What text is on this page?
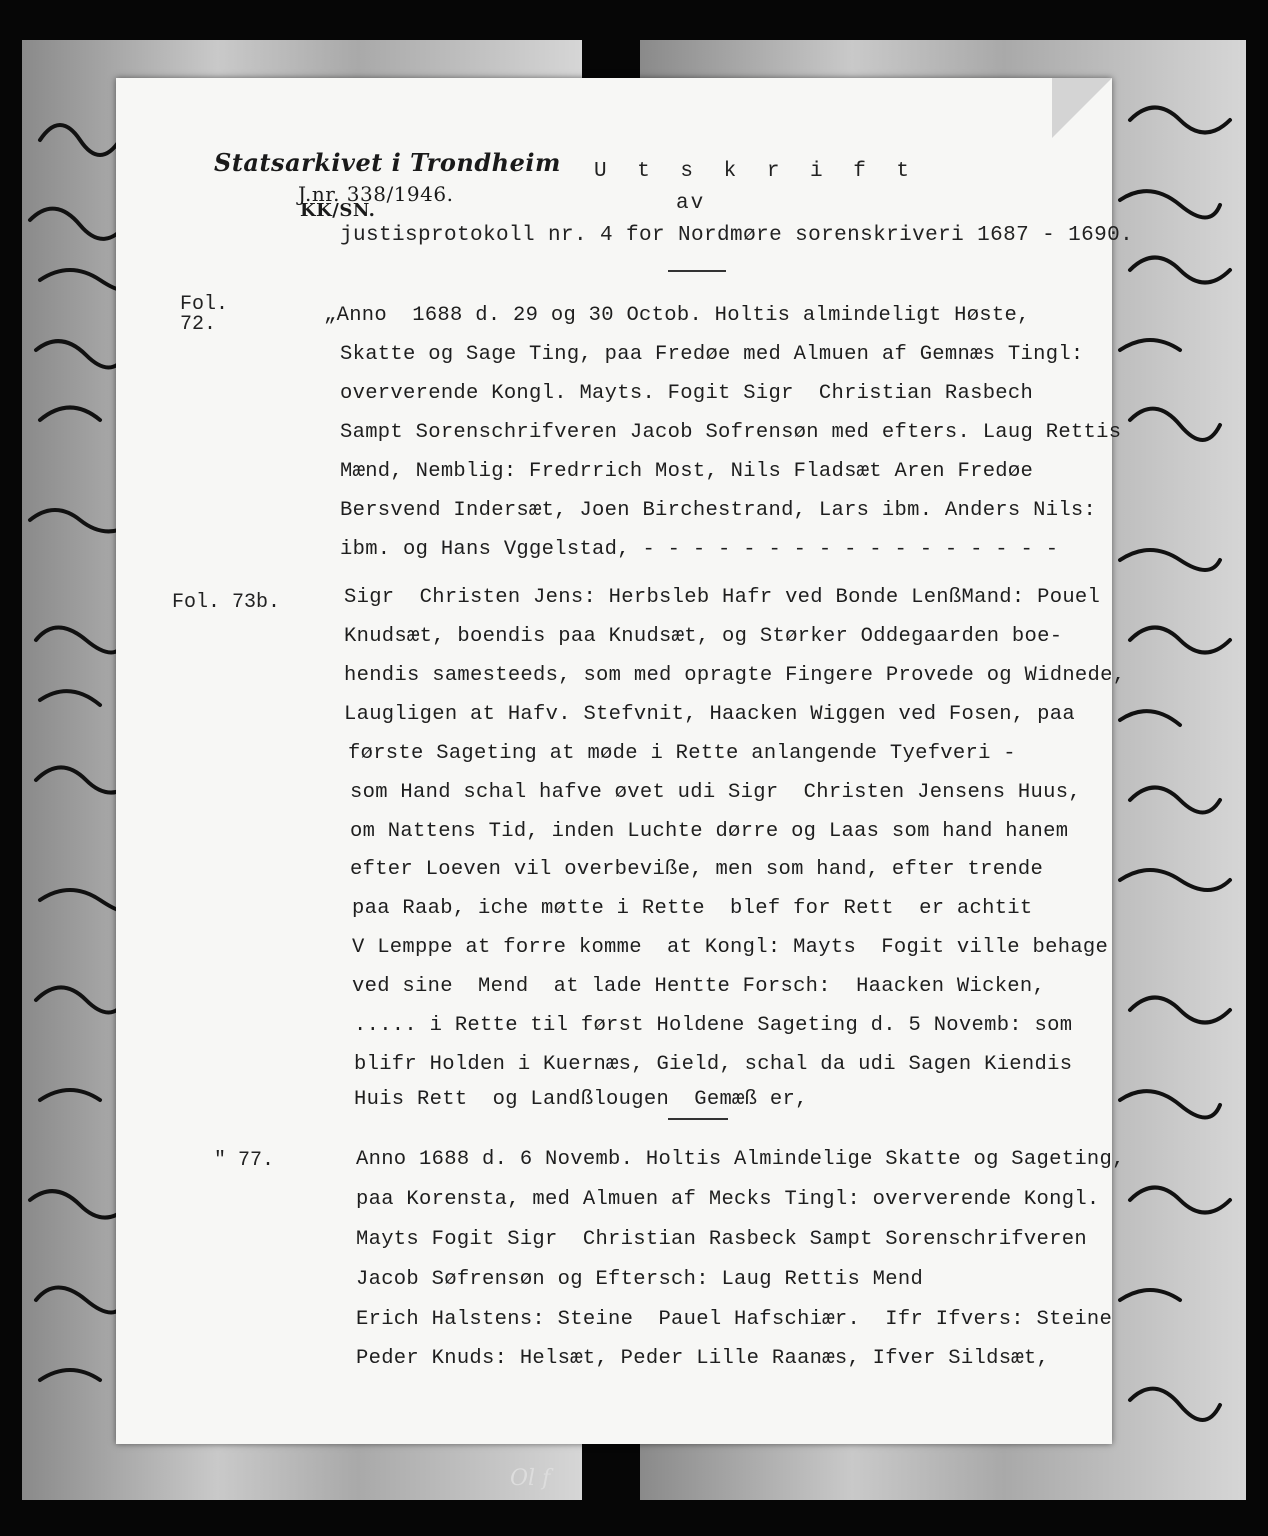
Statsarkivet i Trondheim
J.nr. 338/1946.
KK/SN.
U t s k r i f t
av
justisprotokoll nr. 4 for Nordmøre sorenskriveri 1687 - 1690.
Fol.
72.
Fol. 73b.
" 77.
„Anno  1688 d. 29 og 30 Octob. Holtis almindeligt Høste,
Skatte og Sage Ting, paa Fredøe med Almuen af Gemnæs Tingl:
oververende Kongl. Mayts. Fogit Sigr  Christian Rasbech
Sampt Sorenschrifveren Jacob Sofrensøn med efters. Laug Rettis
Mænd, Nemblig: Fredrrich Most, Nils Fladsæt Aren Fredøe
Bersvend Indersæt, Joen Birchestrand, Lars ibm. Anders Nils:
ibm. og Hans Vggelstad, - - - - - - - - - - - - - - - - -
Sigr  Christen Jens: Herbsleb Hafr ved Bonde LenßMand: Pouel
Knudsæt, boendis paa Knudsæt, og Størker Oddegaarden boe-
hendis samesteeds, som med opragte Fingere Provede og Widnede,
Laugligen at Hafv. Stefvnit, Haacken Wiggen ved Fosen, paa
første Sageting at møde i Rette anlangende Tyefveri -
som Hand schal hafve øvet udi Sigr  Christen Jensens Huus,
om Nattens Tid, inden Luchte dørre og Laas som hand hanem
efter Loeven vil overbeviße, men som hand, efter trende
paa Raab, ichе møtte i Rette  blef for Rett  er achtit
V Lemppe at forre komme  at Kongl: Mayts  Fogit ville behage
ved sine  Mend  at lade Hentte Forsch:  Haacken Wicken,
..... i Rette til først Holdene Sageting d. 5 Novemb: som
blifr Holden i Kuernæs, Gield, schal da udi Sagen Kiendis
Huis Rett  og Landßlougen  Gemæß er,
Anno 1688 d. 6 Novemb. Holtis Almindelige Skatte og Sageting,
paa Korensta, med Almuen af Mecks Tingl: oververende Kongl.
Mayts Fogit Sigr  Christian Rasbeck Sampt Sorenschrifveren
Jacob Søfrensøn og Eftersch: Laug Rettis Mend
Erich Halstens: Steine  Pauel Hafschiær.  Ifr Ifvers: Steine
Peder Knuds: Helsæt, Peder Lille Raanæs, Ifver Sildsæt,
Ol f
